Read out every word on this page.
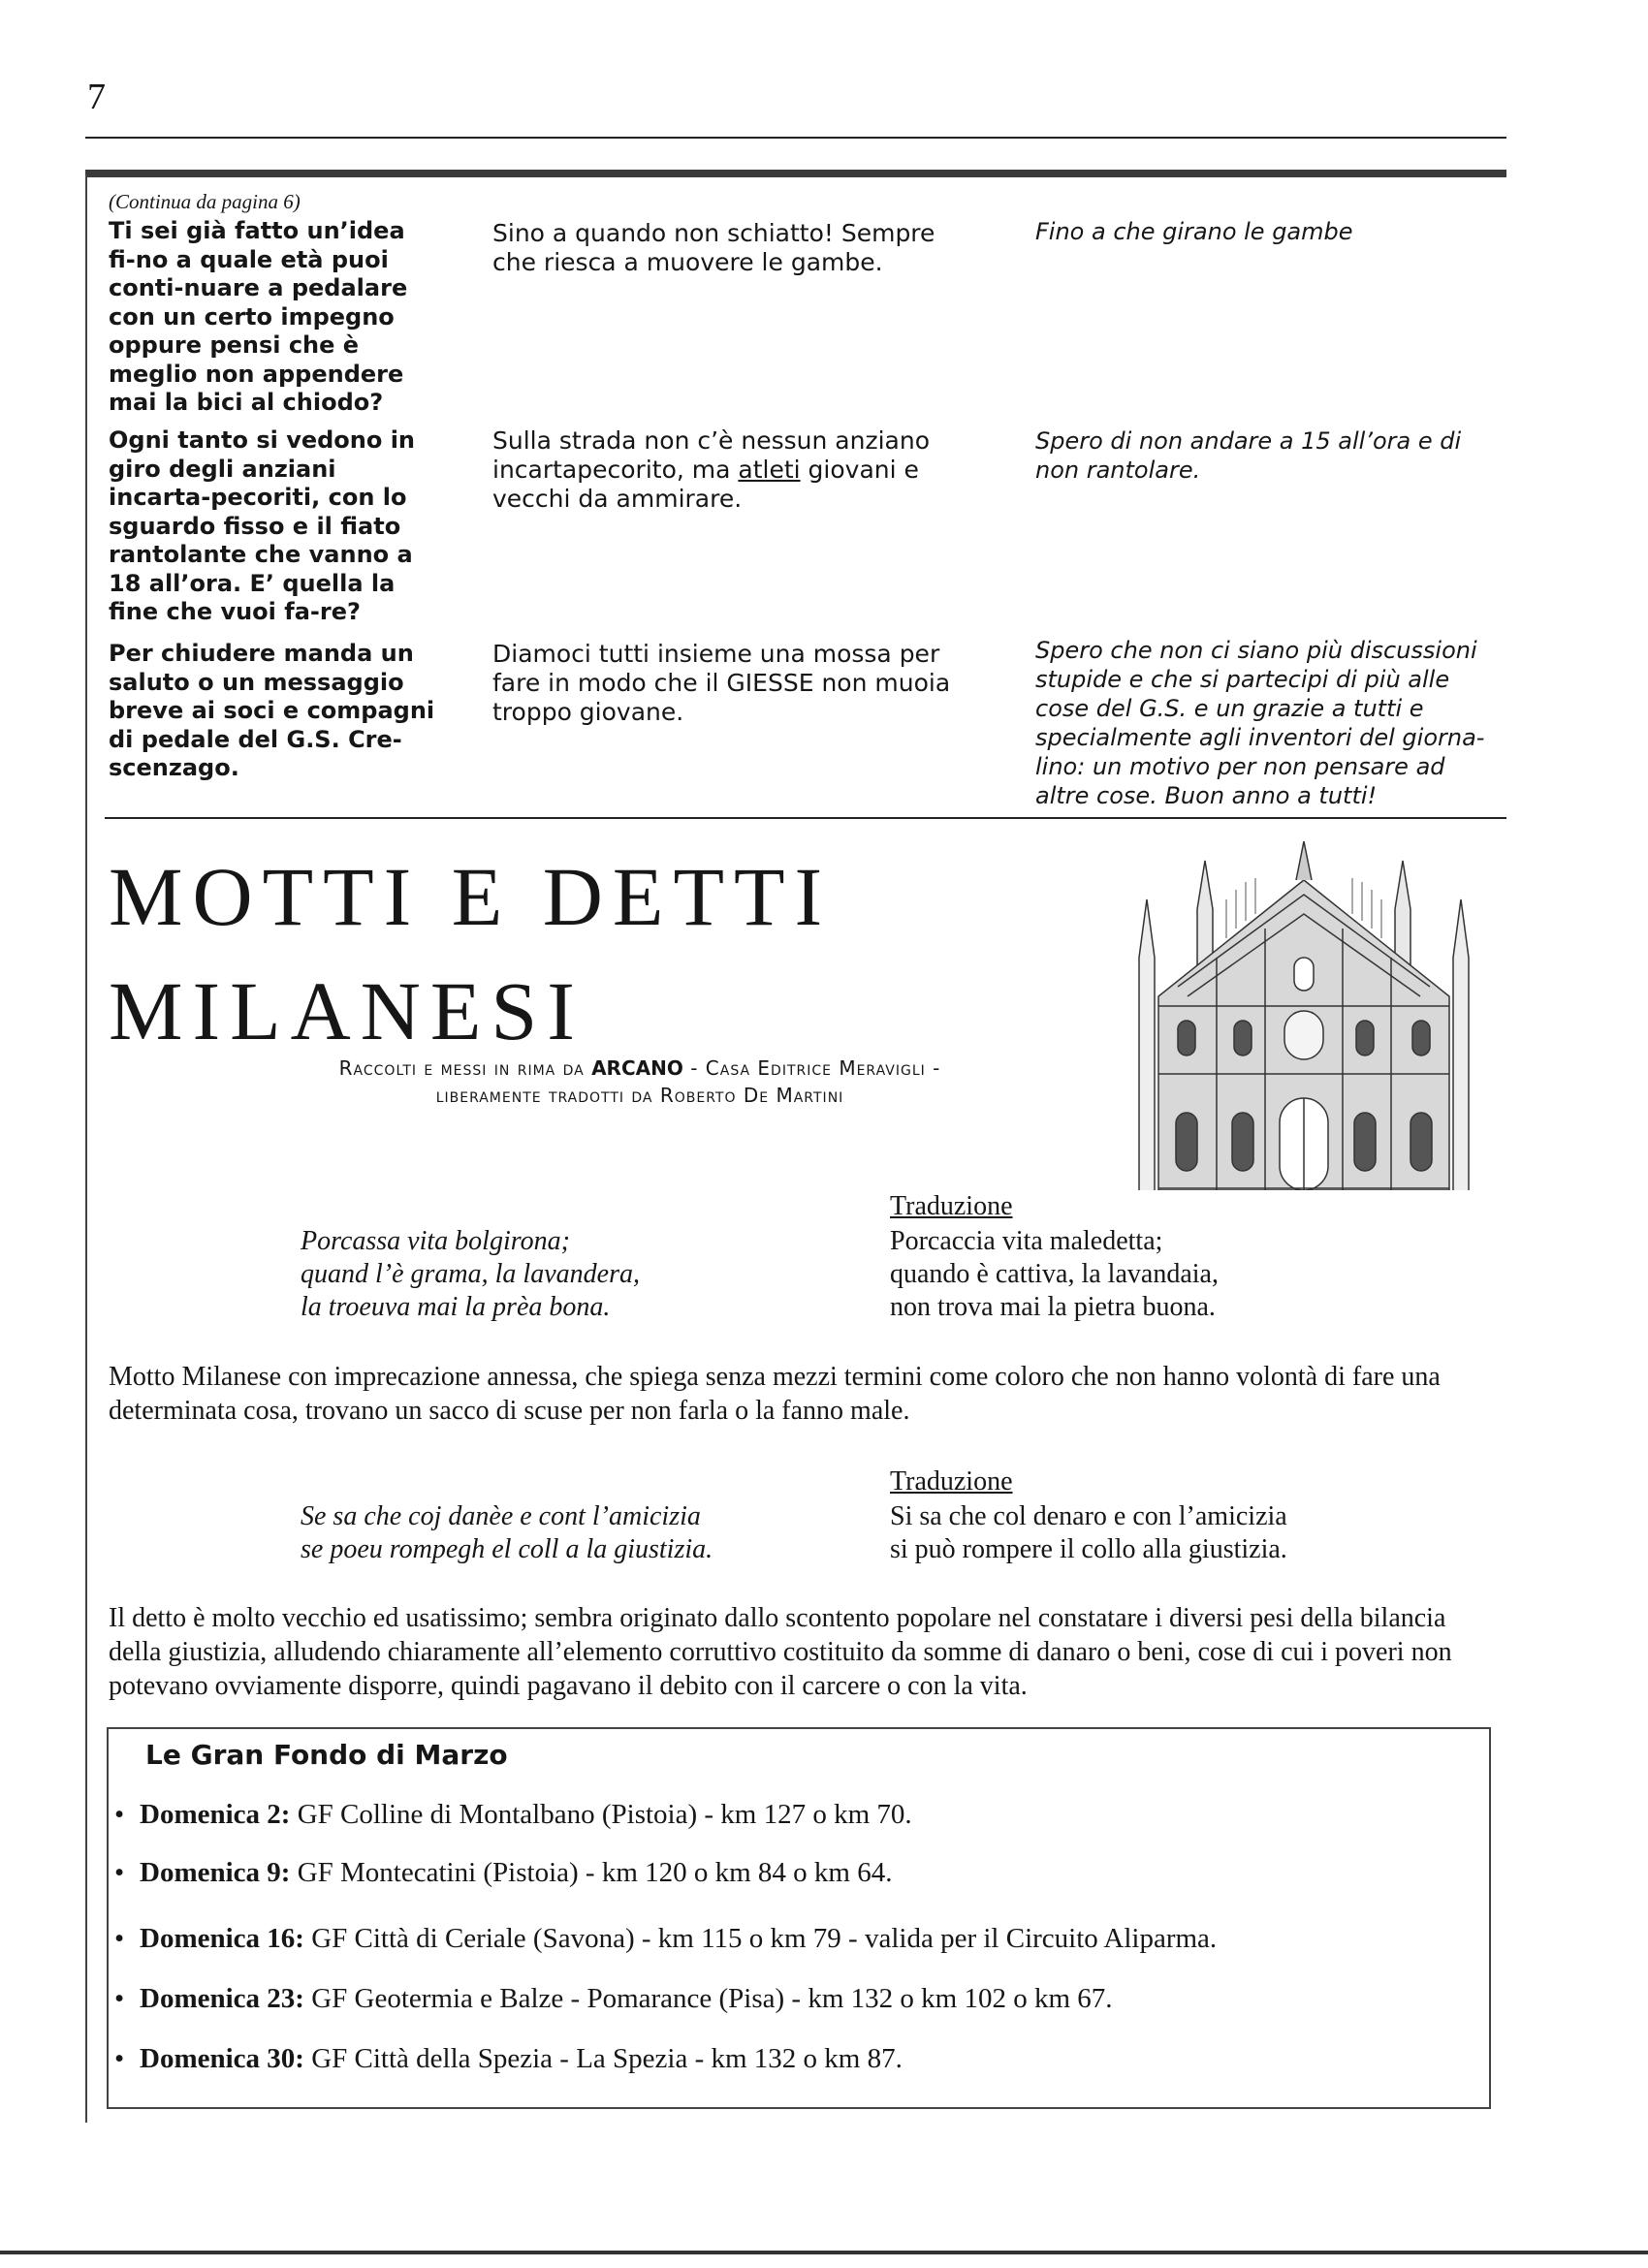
7
(Continua da pagina 6)
Ti sei già fatto un’idea fi-no a quale età puoi conti-nuare a pedalare con un certo impegno oppure pensi che è meglio non appendere mai la bici al chiodo?
Sino a quando non schiatto! Sempre che riesca a muovere le gambe.
Fino a che girano le gambe
Ogni tanto si vedono in giro degli anziani incarta-pecoriti, con lo sguardo fisso e il fiato rantolante che vanno a 18 all’ora. E’ quella la fine che vuoi fa-re?
Sulla strada non c’è nessun anziano incartapecorito, ma atleti giovani e vecchi da ammirare.
Spero di non andare a 15 all’ora e di non rantolare.
Per chiudere manda un saluto o un messaggio breve ai soci e compagni di pedale del G.S. Cre-scenzago.
Diamoci tutti insieme una mossa per fare in modo che il GIESSE non muoia troppo giovane.
Spero che non ci siano più discussioni stupide e che si partecipi di più alle cose del G.S. e un grazie a tutti e specialmente agli inventori del giorna-lino: un motivo per non pensare ad altre cose. Buon anno a tutti!
MOTTI E DETTI
MILANESI
Raccolti e messi in rima da ARCANO - Casa Editrice Meravigli -
liberamente tradotti da Roberto De Martini
Traduzione
Porcassa vita bolgirona;
quand l’è grama, la lavandera,
la troeuva mai la prèa bona.
Porcaccia vita maledetta;
quando è cattiva, la lavandaia,
non trova mai la pietra buona.
Motto Milanese con imprecazione annessa, che spiega senza mezzi termini come coloro che non hanno volontà di fare una determinata cosa, trovano un sacco di scuse per non farla o la fanno male.
Traduzione
Se sa che coj danèe e cont l’amicizia
se poeu rompegh el coll a la giustizia.
Si sa che col denaro e con l’amicizia
si può rompere il collo alla giustizia.
Il detto è molto vecchio ed usatissimo; sembra originato dallo scontento popolare nel constatare i diversi pesi della bilancia della giustizia, alludendo chiaramente all’elemento corruttivo costituito da somme di danaro o beni, cose di cui i poveri non potevano ovviamente disporre, quindi pagavano il debito con il carcere o con la vita.
Le Gran Fondo di Marzo
• Domenica 2: GF Colline di Montalbano (Pistoia) - km 127 o km 70.
• Domenica 9: GF Montecatini (Pistoia) - km 120 o km 84 o km 64.
• Domenica 16: GF Città di Ceriale (Savona) - km 115 o km 79 - valida per il Circuito Aliparma.
• Domenica 23: GF Geotermia e Balze - Pomarance (Pisa) - km 132 o km 102 o km 67.
• Domenica 30: GF Città della Spezia - La Spezia - km 132 o km 87.
